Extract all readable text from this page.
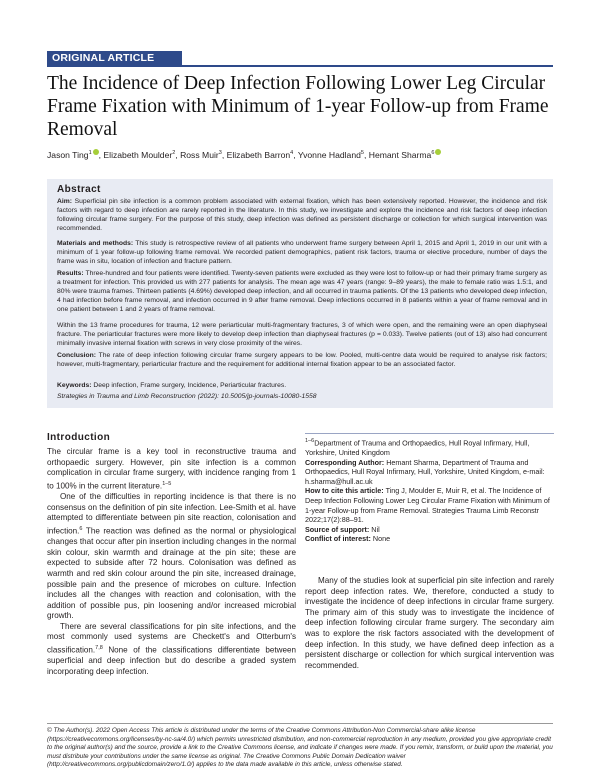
ORIGINAL ARTICLE
The Incidence of Deep Infection Following Lower Leg Circular Frame Fixation with Minimum of 1-year Follow-up from Frame Removal
Jason Ting$^1$ , Elizabeth Moulder$^2$, Ross Muir$^3$, Elizabeth Barron$^4$, Yvonne Hadland$^5$, Hemant Sharma$^6$
Abstract
Aim: Superficial pin site infection is a common problem associated with external fixation, which has been extensively reported. However, the incidence and risk factors with regard to deep infection are rarely reported in the literature. In this study, we investigate and explore the incidence and risk factors of deep infection following circular frame surgery. For the purpose of this study, deep infection was defined as persistent discharge or collection for which surgical intervention was recommended.
Materials and methods: This study is retrospective review of all patients who underwent frame surgery between April 1, 2015 and April 1, 2019 in our unit with a minimum of 1 year follow-up following frame removal. We recorded patient demographics, patient risk factors, trauma or elective procedure, number of days the frame was in situ, location of infection and fracture pattern.
Results: Three-hundred and four patients were identified. Twenty-seven patients were excluded as they were lost to follow-up or had their primary frame surgery as a treatment for infection. This provided us with 277 patients for analysis. The mean age was 47 years (range: 9–89 years), the male to female ratio was 1.5:1, and 80% were trauma frames. Thirteen patients (4.69%) developed deep infection, and all occurred in trauma patients. Of the 13 patients who developed deep infection, 4 had infection before frame removal, and infection occurred in 9 after frame removal. Deep infections occurred in 8 patients within a year of frame removal and in one patient between 1 and 2 years of frame removal.
Within the 13 frame procedures for trauma, 12 were periarticular multi-fragmentary fractures, 3 of which were open, and the remaining were an open diaphyseal fracture. The periarticular fractures were more likely to develop deep infection than diaphyseal fractures (p = 0.033). Twelve patients (out of 13) also had concurrent minimally invasive internal fixation with screws in very close proximity of the wires.
Conclusion: The rate of deep infection following circular frame surgery appears to be low. Pooled, multi-centre data would be required to analyse risk factors; however, multi-fragmentary, periarticular fracture and the requirement for additional internal fixation appear to be an associated factor.
Keywords: Deep infection, Frame surgery, Incidence, Periarticular fractures.
Strategies in Trauma and Limb Reconstruction (2022): 10.5005/jp-journals-10080-1558
Introduction

The circular frame is a key tool in reconstructive trauma and orthopaedic surgery. However, pin site infection is a common complication in circular frame surgery, with incidence ranging from 1 to 100% in the current literature.$^{1-5}$

One of the difficulties in reporting incidence is that there is no consensus on the definition of pin site infection. Lee-Smith et al. have attempted to differentiate between pin site reaction, colonisation and infection.$^6$ The reaction was defined as the normal or physiological changes that occur after pin insertion including changes in the normal skin colour, skin warmth and drainage at the pin site; these are expected to subside after 72 hours. Colonisation was defined as warmth and red skin colour around the pin site, increased drainage, possible pain and the presence of microbes on culture. Infection includes all the changes with reaction and colonisation, with the addition of possible pus, pin loosening and/or increased microbial growth.

There are several classifications for pin site infections, and the most commonly used systems are Checkett's and Otterburn's classification.$^{7,8}$ None of the classifications differentiate between superficial and deep infection but do describe a graded system incorporating deep infection.

$^{1-6}$Department of Trauma and Orthopaedics, Hull Royal Infirmary, Hull, Yorkshire, United Kingdom

Corresponding Author: Hemant Sharma, Department of Trauma and Orthopaedics, Hull Royal Infirmary, Hull, Yorkshire, United Kingdom, e-mail: h.sharma@hull.ac.uk

How to cite this article: Ting J, Moulder E, Muir R, et al. The Incidence of Deep Infection Following Lower Leg Circular Frame Fixation with Minimum of 1-year Follow-up from Frame Removal. Strategies Trauma Limb Reconstr 2022;17(2):88–91.

Source of support: Nil

Conflict of interest: None

Many of the studies look at superficial pin site infection and rarely report deep infection rates. We, therefore, conducted a study to investigate the incidence of deep infections in circular frame surgery. The primary aim of this study was to investigate the incidence of deep infection following circular frame surgery. The secondary aim was to explore the risk factors associated with the development of deep infection. In this study, we have defined deep infection as a persistent discharge or collection for which surgical intervention was recommended.
© The Author(s). 2022 Open Access This article is distributed under the terms of the Creative Commons Attribution-Non Commercial-share alike license (https://creativecommons.org/licenses/by-nc-sa/4.0/) which permits unrestricted distribution, and non-commercial reproduction in any medium, provided you give appropriate credit to the original author(s) and the source, provide a link to the Creative Commons license, and indicate if changes were made. If you remix, transform, or build upon the material, you must distribute your contributions under the same license as original. The Creative Commons Public Domain Dedication waiver (http://creativecommons.org/publicdomain/zero/1.0/) applies to the data made available in this article, unless otherwise stated.
